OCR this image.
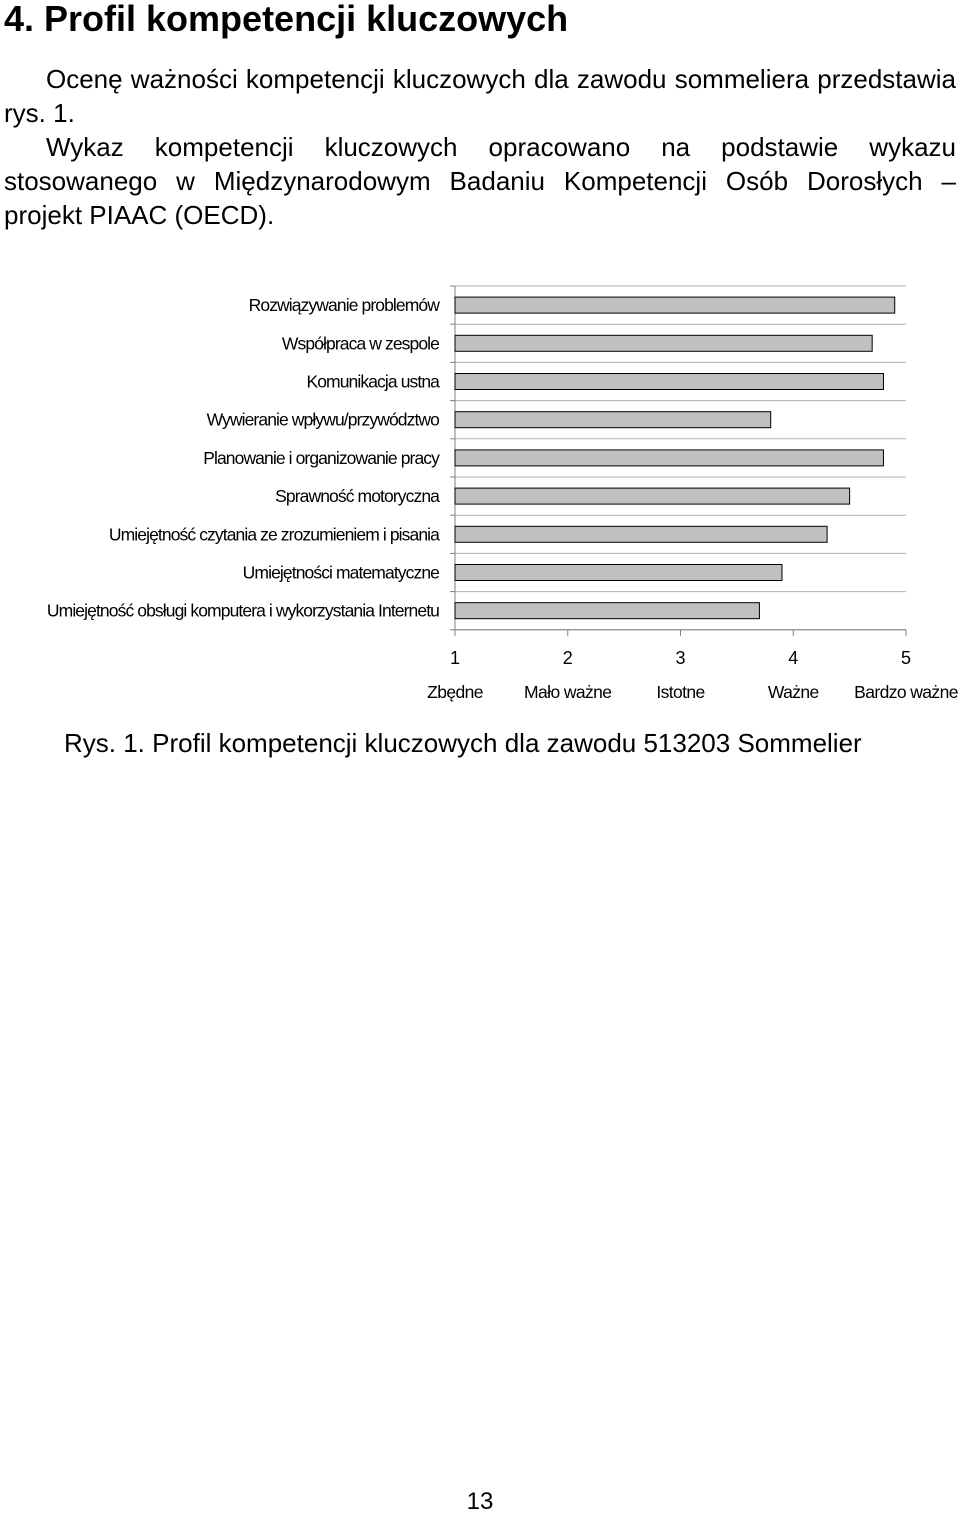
4. Profil kompetencji kluczowych

Ocenę ważności kompetencji kluczowych dla zawodu sommeliera przedstawia rys. 1.

Wykaz kompetencji kluczowych opracowano na podstawie wykazu stosowanego w Międzynarodowym Badaniu Kompetencji Osób Dorosłych – projekt PIAAC (OECD).

1
Zbędne
2
Mało ważne
3
Istotne
4
Ważne
5
Bardzo ważne
Rozwiązywanie problemów
Współpraca w zespole
Komunikacja ustna
Wywieranie wpływu/przywództwo
Planowanie i organizowanie pracy
Sprawność motoryczna
Umiejętność czytania ze zrozumieniem i pisania
Umiejętności matematyczne
Umiejętność obsługi komputera i wykorzystania Internetu

Rys. 1. Profil kompetencji kluczowych dla zawodu 513203 Sommelier

13
